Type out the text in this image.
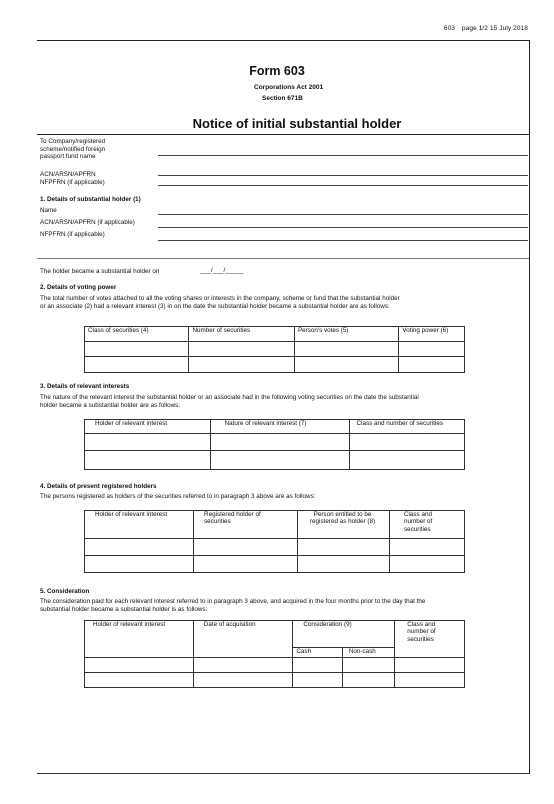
603 page 1/2 15 July 2018
Form 603
Corporations Act 2001
Section 671B
Notice of initial substantial holder
To Company/registered
scheme/notified foreign
passport fund name
ACN/ARSN/APFRN
NFPFRN (if applicable)
1. Details of substantial holder (1)
Name
ACN/ARSN/APFRN (if applicable)
NFPFRN (if applicable)
The holder became a substantial holder on	___/___/_____
2. Details of voting power
The total number of votes attached to all the voting shares or interests in the company, scheme or fund that the substantial holder
or an associate (2) had a relevant interest (3) in on the date the substantial holder became a substantial holder are as follows:
Class of securities (4)	Number of securities	Person's votes (5)	Voting power (6)

3. Details of relevant interests
The nature of the relevant interest the substantial holder or an associate had in the following voting securities on the date the substantial
holder became a substantial holder are as follows:
Holder of relevant interest	Nature of relevant interest (7)	Class and number of securities

4. Details of present registered holders
The persons registered as holders of the securities referred to in paragraph 3 above are as follows:
Holder of relevant interest	Registered holder of securities	Person entitled to be registered as holder (8)	Class and number of securities

5. Consideration
The consideration paid for each relevant interest referred to in paragraph 3 above, and acquired in the four months prior to the day that the
substantial holder became a substantial holder is as follows:
Holder of relevant interest	Date of acquisition	Consideration (9)		Class and number of securities
		Cash	Non-cash	
